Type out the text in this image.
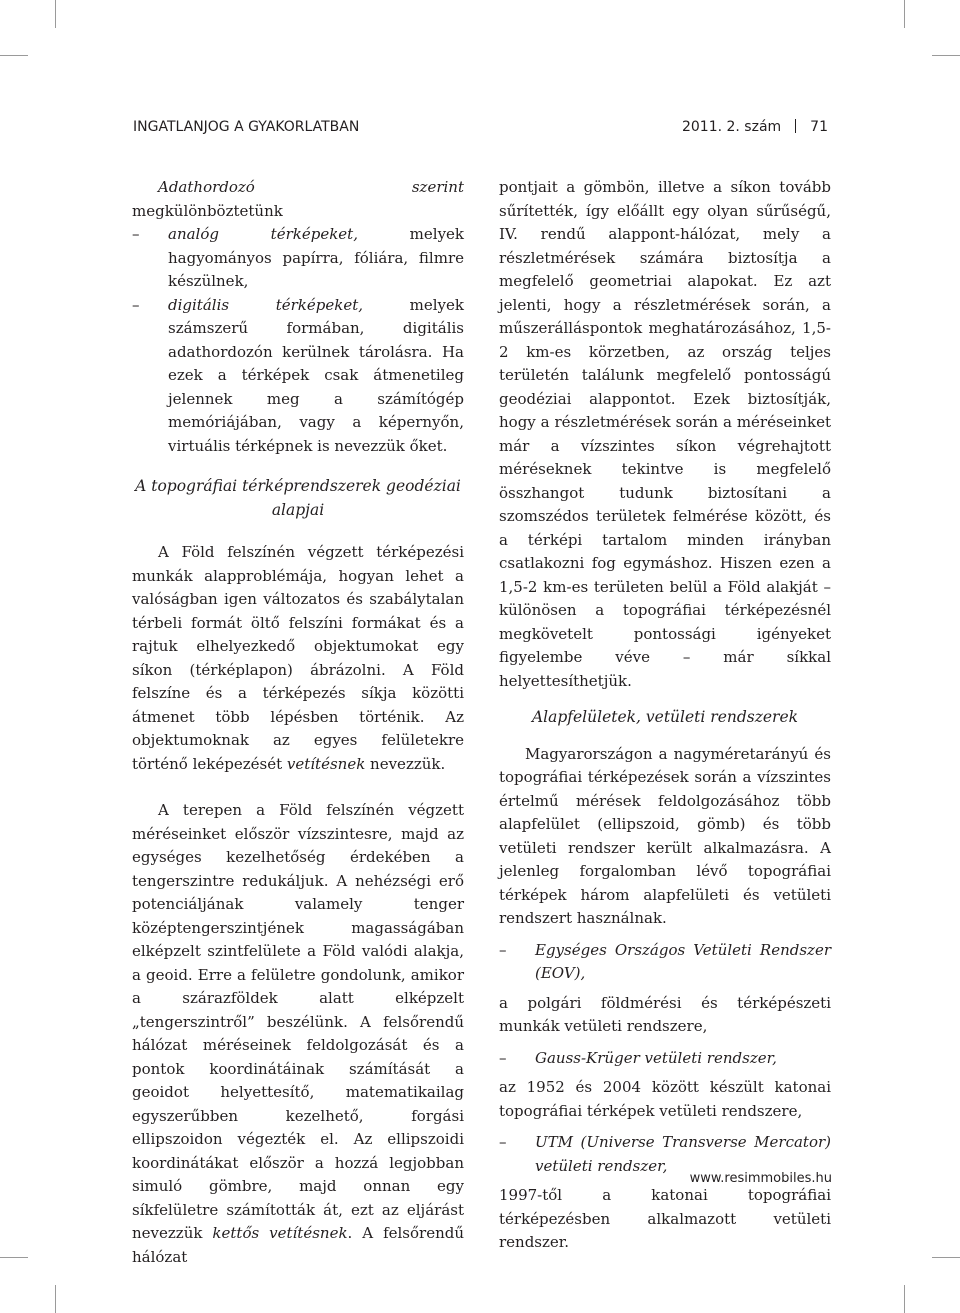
INGATLANJOG A GYAKORLATBAN	2011. 2. szám 71

Adathordozó szerint megkülönböztetünk

– analóg térképeket, melyek hagyományos papírra, fóliára, filmre készülnek,
– digitális térképeket, melyek számszerű formában, digitális adathordozón kerülnek tárolásra. Ha ezek a térképek csak átmenetileg jelennek meg a számítógép memóriájában, vagy a képernyőn, virtuális térképnek is nevezzük őket.
A topográfiai térképrendszerek geodéziai alapjai

A Föld felszínén végzett térképezési munkák alapproblémája, hogyan lehet a valóságban igen változatos és szabálytalan térbeli formát öltő felszíni formákat és a rajtuk elhelyezkedő objektumokat egy síkon (térképlapon) ábrázolni. A Föld felszíne és a térképezés síkja közötti átmenet több lépésben történik. Az objektumoknak az egyes felületekre történő leképezését vetítésnek nevezzük.

A terepen a Föld felszínén végzett méréseinket először vízszintesre, majd az egységes kezelhetőség érdekében a tengerszintre redukáljuk. A nehézségi erő potenciáljának valamely tenger középtengerszintjének magasságában elképzelt szintfelülete a Föld valódi alakja, a geoid. Erre a felületre gondolunk, amikor a szárazföldek alatt elképzelt „tengerszintről” beszélünk. A felsőrendű hálózat méréseinek feldolgozását és a pontok koordinátáinak számítását a geoidot helyettesítő, matematikailag egyszerűbben kezelhető, forgási ellipszoidon végezték el. Az ellipszoidi koordinátákat először a hozzá legjobban simuló gömbre, majd onnan egy síkfelületre számították át, ezt az eljárást nevezzük kettős vetítésnek. A felsőrendű hálózat

pontjait a gömbön, illetve a síkon tovább sűrítették, így előállt egy olyan sűrűségű, IV. rendű alappont-hálózat, mely a részletmérések számára biztosítja a megfelelő geometriai alapokat. Ez azt jelenti, hogy a részletmérések során, a műszerálláspontok meghatározásához, 1,5-2 km-es körzetben, az ország teljes területén találunk megfelelő pontosságú geodéziai alappontot. Ezek biztosítják, hogy a részletmérések során a méréseinket már a vízszintes síkon végrehajtott méréseknek tekintve is megfelelő összhangot tudunk biztosítani a szomszédos területek felmérése között, és a térképi tartalom minden irányban csatlakozni fog egymáshoz. Hiszen ezen a 1,5-2 km-es területen belül a Föld alakját – különösen a topográfiai térképezésnél megkövetelt pontossági igényeket figyelembe véve – már síkkal helyettesíthetjük.

Alapfelületek, vetületi rendszerek

Magyarországon a nagyméretarányú és topográfiai térképezések során a vízszintes értelmű mérések feldolgozásához több alapfelület (ellipszoid, gömb) és több vetületi rendszer került alkalmazásra. A jelenleg forgalomban lévő topográfiai térképek három alapfelületi és vetületi rendszert használnak.

– Egységes Országos Vetületi Rendszer (EOV),

a polgári földmérési és térképészeti munkák vetületi rendszere,

– Gauss-Krüger vetületi rendszer,

az 1952 és 2004 között készült katonai topográfiai térképek vetületi rendszere,

– UTM (Universe Transverse Mercator) vetületi rendszer,

1997-től a katonai topográfiai térképezésben alkalmazott vetületi rendszer.

www.resimmobiles.hu
